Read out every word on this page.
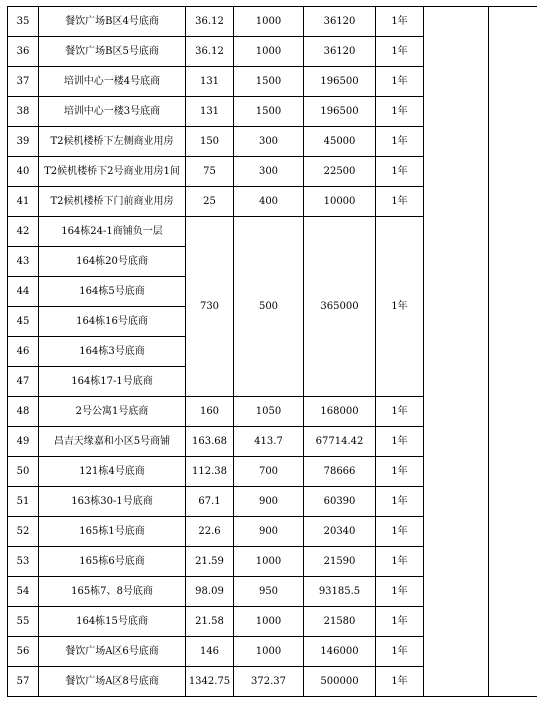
35	餐饮广场B区4号底商	36.12	1000	36120	1年		
36	餐饮广场B区5号底商	36.12	1000	36120	1年		
37	培训中心一楼4号底商	131	1500	196500	1年		
38	培训中心一楼3号底商	131	1500	196500	1年		
39	T2候机楼桥下左侧商业用房	150	300	45000	1年		
40	T2候机楼桥下2号商业用房1间	75	300	22500	1年		
41	T2候机楼桥下门前商业用房	25	400	10000	1年		
42	164栋24-1商铺负一层	730	500	365000	1年		
43	164栋20号底商						
44	164栋5号底商						
45	164栋16号底商						
46	164栋3号底商						
47	164栋17-1号底商						
48	2号公寓1号底商	160	1050	168000	1年		
49	昌吉天缘嘉和小区5号商铺	163.68	413.7	67714.42	1年		
50	121栋4号底商	112.38	700	78666	1年		
51	163栋30-1号底商	67.1	900	60390	1年		
52	165栋1号底商	22.6	900	20340	1年		
53	165栋6号底商	21.59	1000	21590	1年		
54	165栋7、8号底商	98.09	950	93185.5	1年		
55	164栋15号底商	21.58	1000	21580	1年		
56	餐饮广场A区6号底商	146	1000	146000	1年		
57	餐饮广场A区8号底商	1342.75	372.37	500000	1年		
